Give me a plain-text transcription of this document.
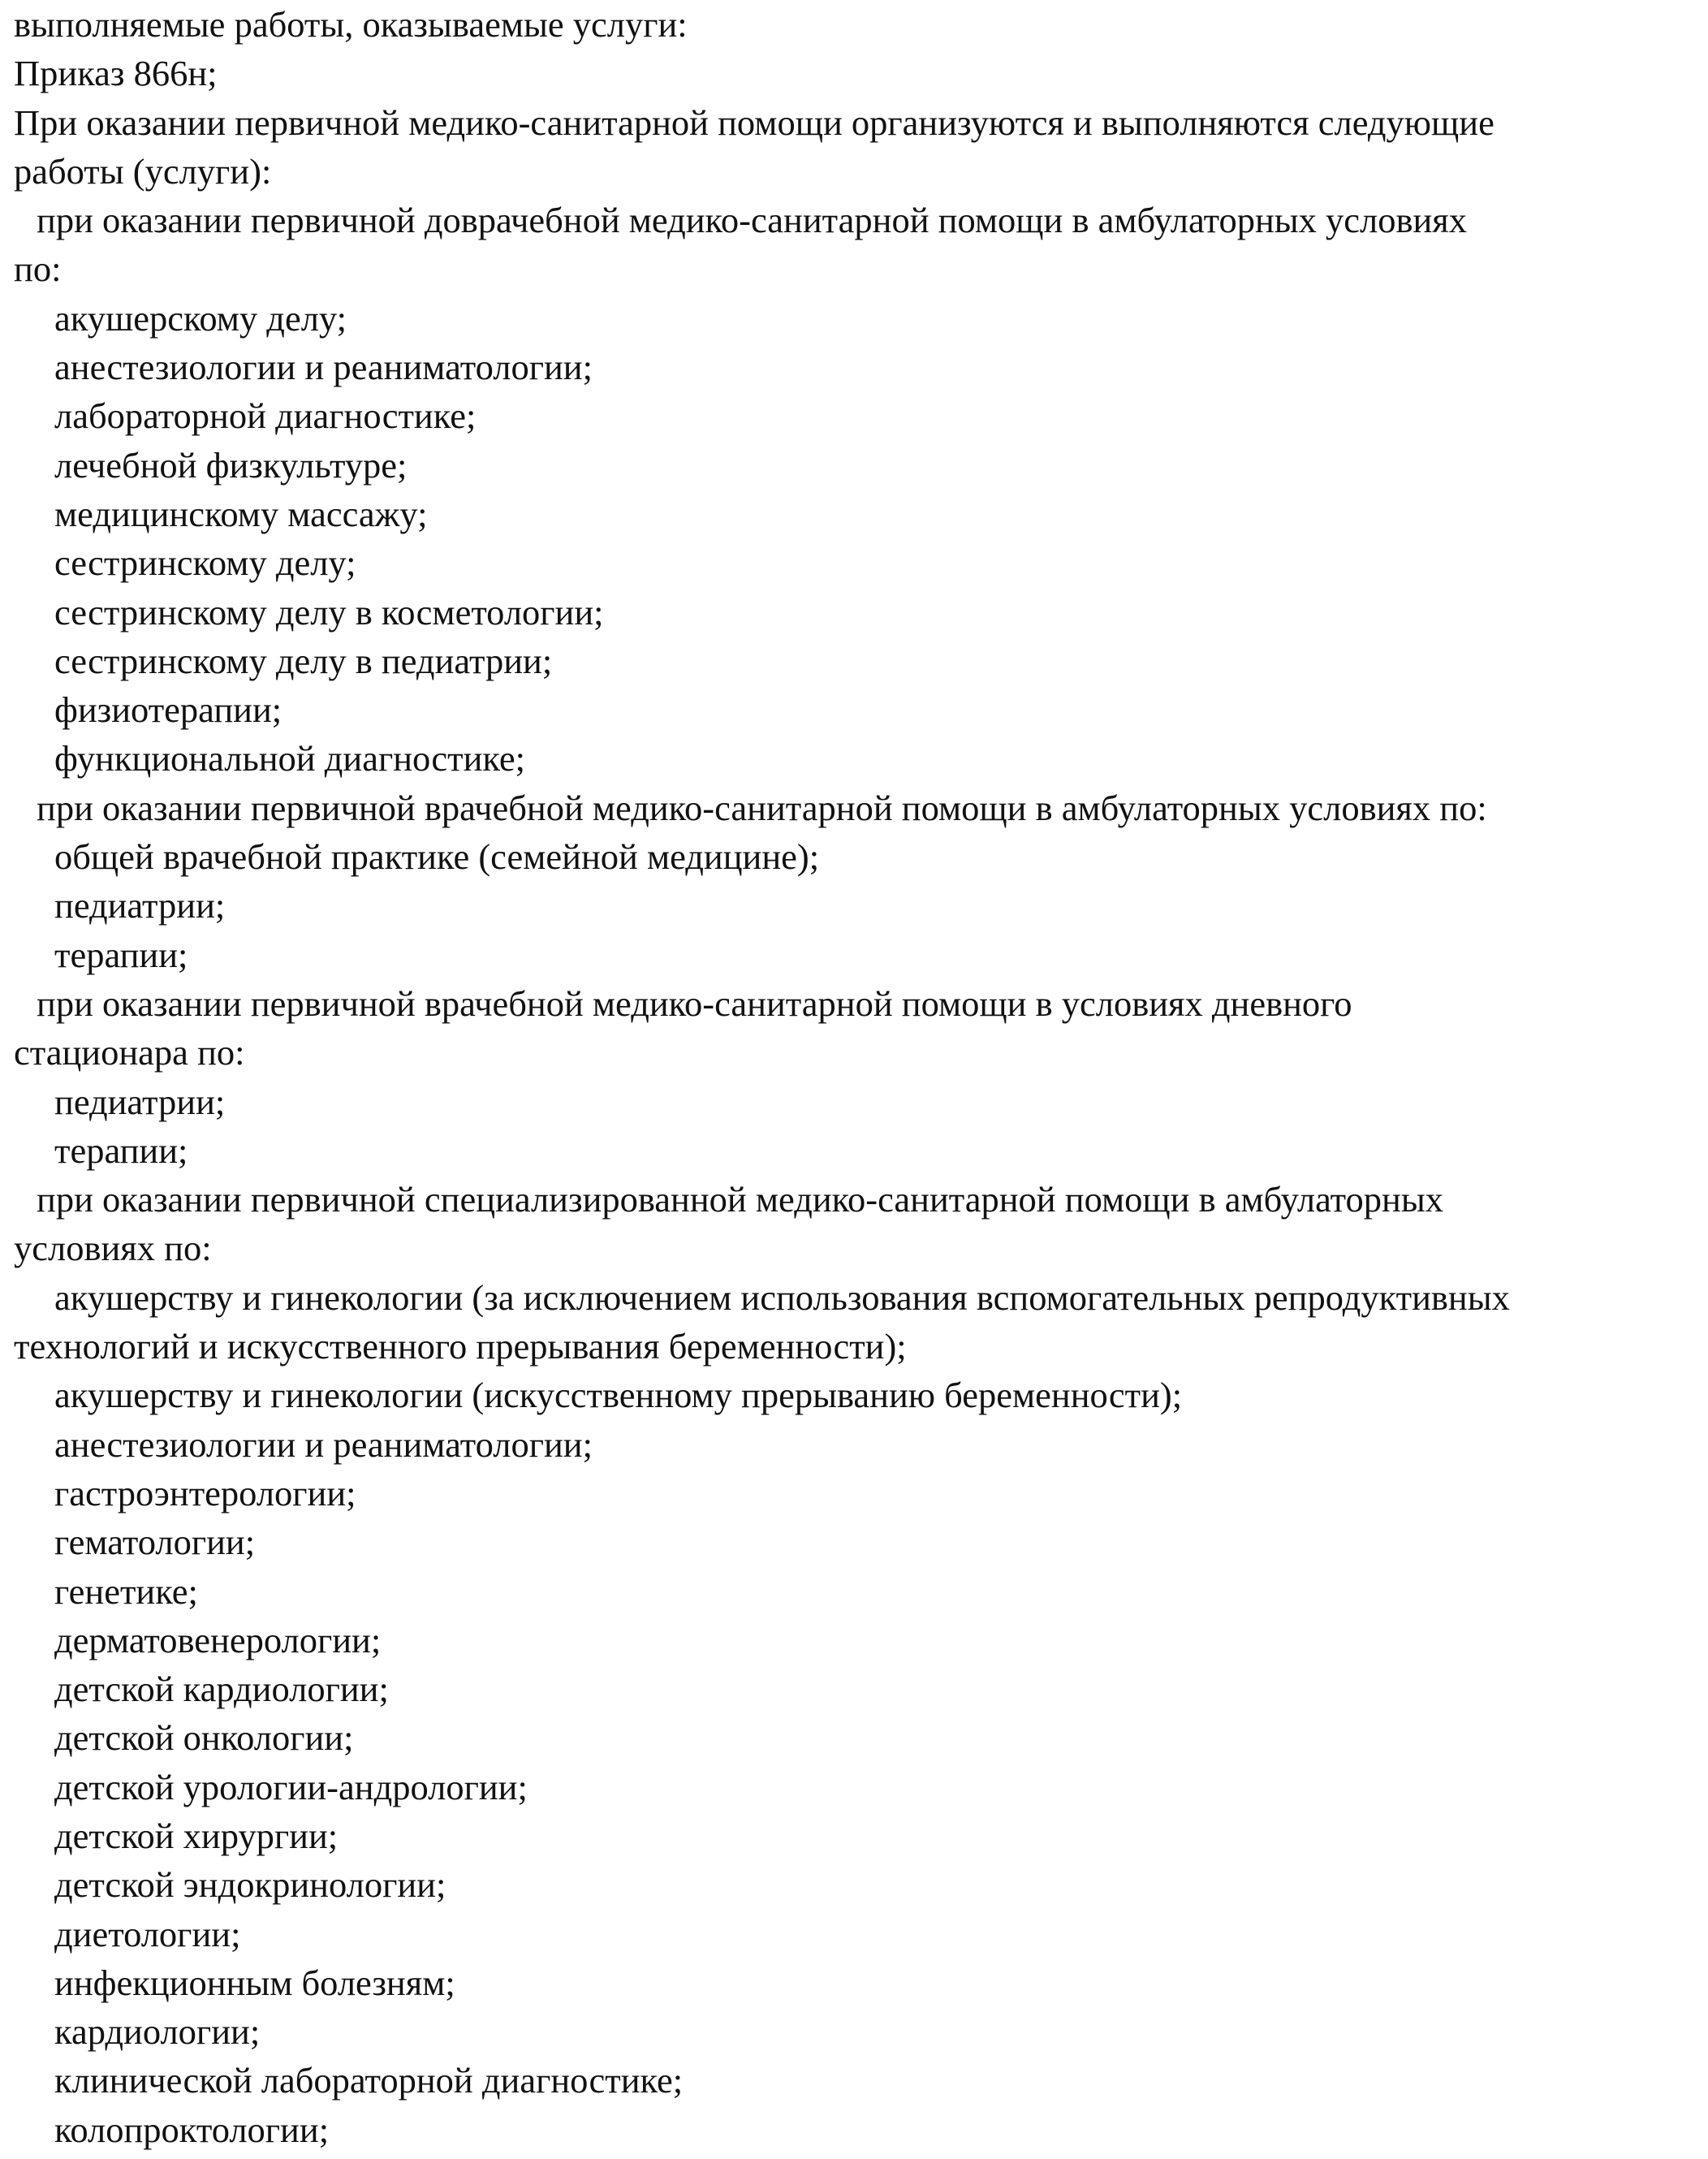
выполняемые работы, оказываемые услуги:
Приказ 866н;
При оказании первичной медико-санитарной помощи организуются и выполняются следующие
работы (услуги):
при оказании первичной доврачебной медико-санитарной помощи в амбулаторных условиях
по:
акушерскому делу;
анестезиологии и реаниматологии;
лабораторной диагностике;
лечебной физкультуре;
медицинскому массажу;
сестринскому делу;
сестринскому делу в косметологии;
сестринскому делу в педиатрии;
физиотерапии;
функциональной диагностике;
при оказании первичной врачебной медико-санитарной помощи в амбулаторных условиях по:
общей врачебной практике (семейной медицине);
педиатрии;
терапии;
при оказании первичной врачебной медико-санитарной помощи в условиях дневного
стационара по:
педиатрии;
терапии;
при оказании первичной специализированной медико-санитарной помощи в амбулаторных
условиях по:
акушерству и гинекологии (за исключением использования вспомогательных репродуктивных
технологий и искусственного прерывания беременности);
акушерству и гинекологии (искусственному прерыванию беременности);
анестезиологии и реаниматологии;
гастроэнтерологии;
гематологии;
генетике;
дерматовенерологии;
детской кардиологии;
детской онкологии;
детской урологии-андрологии;
детской хирургии;
детской эндокринологии;
диетологии;
инфекционным болезням;
кардиологии;
клинической лабораторной диагностике;
колопроктологии;
